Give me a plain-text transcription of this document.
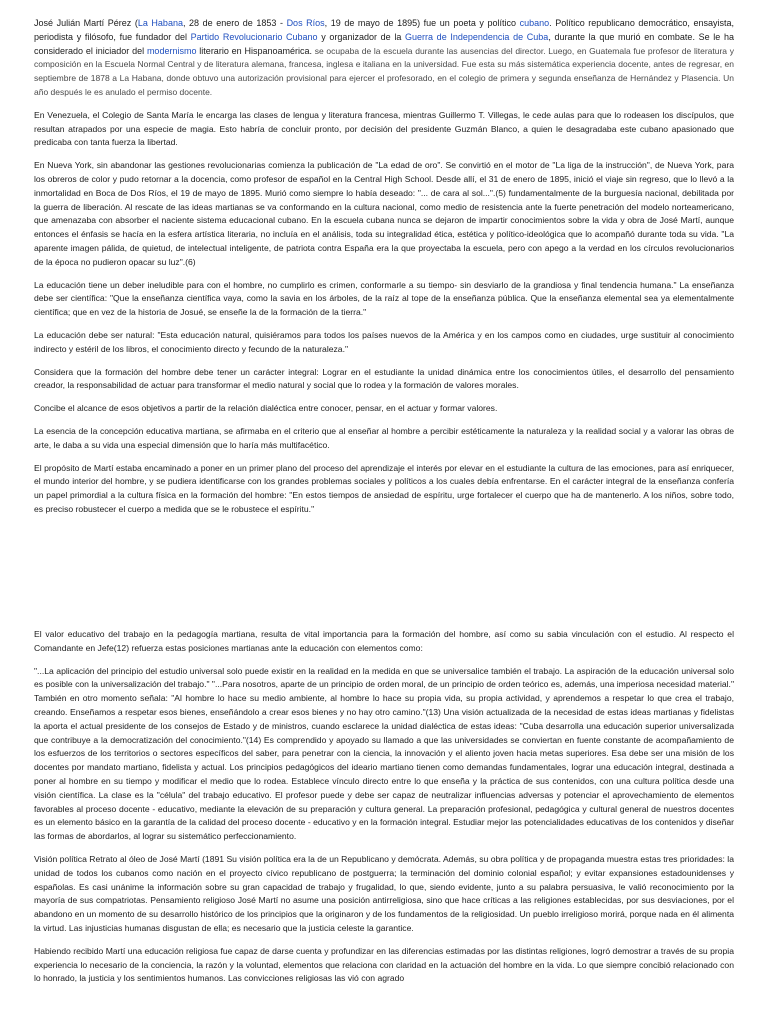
José Julián Martí Pérez (La Habana, 28 de enero de 1853 - Dos Ríos, 19 de mayo de 1895) fue un poeta y político cubano. Político republicano democrático, ensayista, periodista y filósofo, fue fundador del Partido Revolucionario Cubano y organizador de la Guerra de Independencia de Cuba, durante la que murió en combate. Se le ha considerado el iniciador del modernismo literario en Hispanoamérica. se ocupaba de la escuela durante las ausencias del director. Luego, en Guatemala fue profesor de literatura y composición en la Escuela Normal Central y de literatura alemana, francesa, inglesa e italiana en la universidad. Fue esta su más sistemática experiencia docente, antes de regresar, en septiembre de 1878 a La Habana, donde obtuvo una autorización provisional para ejercer el profesorado, en el colegio de primera y segunda enseñanza de Hernández y Plasencia. Un año después le es anulado el permiso docente.

En Venezuela, el Colegio de Santa María le encarga las clases de lengua y literatura francesa, mientras Guillermo T. Villegas, le cede aulas para que lo rodeasen los discípulos, que resultan atrapados por una especie de magia. Esto habría de concluir pronto, por decisión del presidente Guzmán Blanco, a quien le desagradaba este cubano apasionado que predicaba con tanta fuerza la libertad.

En Nueva York, sin abandonar las gestiones revolucionarias comienza la publicación de "La edad de oro". Se convirtió en el motor de "La liga de la instrucción", de Nueva York, para los obreros de color y pudo retornar a la docencia, como profesor de español en la Central High School. Desde allí, el 31 de enero de 1895, inició el viaje sin regreso, que lo llevó a la inmortalidad en Boca de Dos Ríos, el 19 de mayo de 1895. Murió como siempre lo había deseado: "... de cara al sol...".(5) fundamentalmente de la burguesía nacional, debilitada por la guerra de liberación. Al rescate de las ideas martianas se va conformando en la cultura nacional, como medio de resistencia ante la fuerte penetración del modelo norteamericano, que amenazaba con absorber el naciente sistema educacional cubano. En la escuela cubana nunca se dejaron de impartir conocimientos sobre la vida y obra de José Martí, aunque entonces el énfasis se hacía en la esfera artística literaria, no incluía en el análisis, toda su integralidad ética, estética y político-ideológica que lo acompañó durante toda su vida. "La aparente imagen pálida, de quietud, de intelectual inteligente, de patriota contra España era la que proyectaba la escuela, pero con apego a la verdad en los círculos revolucionarios de la época no pudieron opacar su luz".(6)

La educación tiene un deber ineludible para con el hombre, no cumplirlo es crimen, conformarle a su tiempo- sin desviarlo de la grandiosa y final tendencia humana." La enseñanza debe ser científica: "Que la enseñanza científica vaya, como la savia en los árboles, de la raíz al tope de la enseñanza pública. Que la enseñanza elemental sea ya elementalmente científica; que en vez de la historia de Josué, se enseñe la de la formación de la tierra."

La educación debe ser natural: "Esta educación natural, quisiéramos para todos los países nuevos de la América y en los campos como en ciudades, urge sustituir al conocimiento indirecto y estéril de los libros, el conocimiento directo y fecundo de la naturaleza."

Considera que la formación del hombre debe tener un carácter integral: Lograr en el estudiante la unidad dinámica entre los conocimientos útiles, el desarrollo del pensamiento creador, la responsabilidad de actuar para transformar el medio natural y social que lo rodea y la formación de valores morales.

Concibe el alcance de esos objetivos a partir de la relación dialéctica entre conocer, pensar, en el actuar y formar valores.

La esencia de la concepción educativa martiana, se afirmaba en el criterio que al enseñar al hombre a percibir estéticamente la naturaleza y la realidad social y a valorar las obras de arte, le daba a su vida una especial dimensión que lo haría más multifacético.

El propósito de Martí estaba encaminado a poner en un primer plano del proceso del aprendizaje el interés por elevar en el estudiante la cultura de las emociones, para así enriquecer, el mundo interior del hombre, y se pudiera identificarse con los grandes problemas sociales y políticos a los cuales debía enfrentarse. En el carácter integral de la enseñanza confería un papel primordial a la cultura física en la formación del hombre: "En estos tiempos de ansiedad de espíritu, urge fortalecer el cuerpo que ha de mantenerlo. A los niños, sobre todo, es preciso robustecer el cuerpo a medida que se le robustece el espíritu."

El valor educativo del trabajo en la pedagogía martiana, resulta de vital importancia para la formación del hombre, así como su sabia vinculación con el estudio. Al respecto el Comandante en Jefe(12) refuerza estas posiciones martianas ante la educación con elementos como:

"...La aplicación del principio del estudio universal solo puede existir en la realidad en la medida en que se universalice también el trabajo. La aspiración de la educación universal solo es posible con la universalización del trabajo." "...Para nosotros, aparte de un principio de orden moral, de un principio de orden teórico es, además, una imperiosa necesidad material." También en otro momento señala: "Al hombre lo hace su medio ambiente, al hombre lo hace su propia vida, su propia actividad, y aprendemos a respetar lo que crea el trabajo, creando. Enseñamos a respetar esos bienes, enseñándolo a crear esos bienes y no hay otro camino."(13) Una visión actualizada de la necesidad de estas ideas martianas y fidelistas la aporta el actual presidente de los consejos de Estado y de ministros, cuando esclarece la unidad dialéctica de estas ideas: "Cuba desarrolla una educación superior universalizada que contribuye a la democratización del conocimiento."(14) Es comprendido y apoyado su llamado a que las universidades se conviertan en fuente constante de acompañamiento de los esfuerzos de los territorios o sectores específicos del saber, para penetrar con la ciencia, la innovación y el aliento joven hacia metas superiores. Esa debe ser una misión de los docentes por mandato martiano, fidelista y actual. Los principios pedagógicos del ideario martiano tienen como demandas fundamentales, lograr una educación integral, destinada a poner al hombre en su tiempo y modificar el medio que lo rodea. Establece vínculo directo entre lo que enseña y la práctica de sus contenidos, con una cultura política desde una visión científica. La clase es la "célula" del trabajo educativo. El profesor puede y debe ser capaz de neutralizar influencias adversas y potenciar el aprovechamiento de elementos favorables al proceso docente - educativo, mediante la elevación de su preparación y cultura general. La preparación profesional, pedagógica y cultural general de nuestros docentes es un elemento básico en la garantía de la calidad del proceso docente - educativo y en la formación integral. Estudiar mejor las potencialidades educativas de los contenidos y diseñar las formas de abordarlos, al lograr su sistemático perfeccionamiento.

Visión política Retrato al óleo de José Martí (1891 Su visión política era la de un Republicano y demócrata. Además, su obra política y de propaganda muestra estas tres prioridades: la unidad de todos los cubanos como nación en el proyecto cívico republicano de postguerra; la terminación del dominio colonial español; y evitar expansiones estadounidenses y españolas. Es casi unánime la información sobre su gran capacidad de trabajo y frugalidad, lo que, siendo evidente, junto a su palabra persuasiva, le valió reconocimiento por la mayoría de sus compatriotas. Pensamiento religioso José Martí no asume una posición antirreligiosa, sino que hace críticas a las religiones establecidas, por sus desviaciones, por el abandono en un momento de su desarrollo histórico de los principios que la originaron y de los fundamentos de la religiosidad. Un pueblo irreligioso morirá, porque nada en él alimenta la virtud. Las injusticias humanas disgustan de ella; es necesario que la justicia celeste la garantice.

Habiendo recibido Martí una educación religiosa fue capaz de darse cuenta y profundizar en las diferencias estimadas por las distintas religiones, logró demostrar a través de su propia experiencia lo necesario de la conciencia, la razón y la voluntad, elementos que relaciona con claridad en la actuación del hombre en la vida. Lo que siempre concibió relacionado con lo honrado, la justicia y los sentimientos humanos. Las convicciones religiosas las vió con agrado
